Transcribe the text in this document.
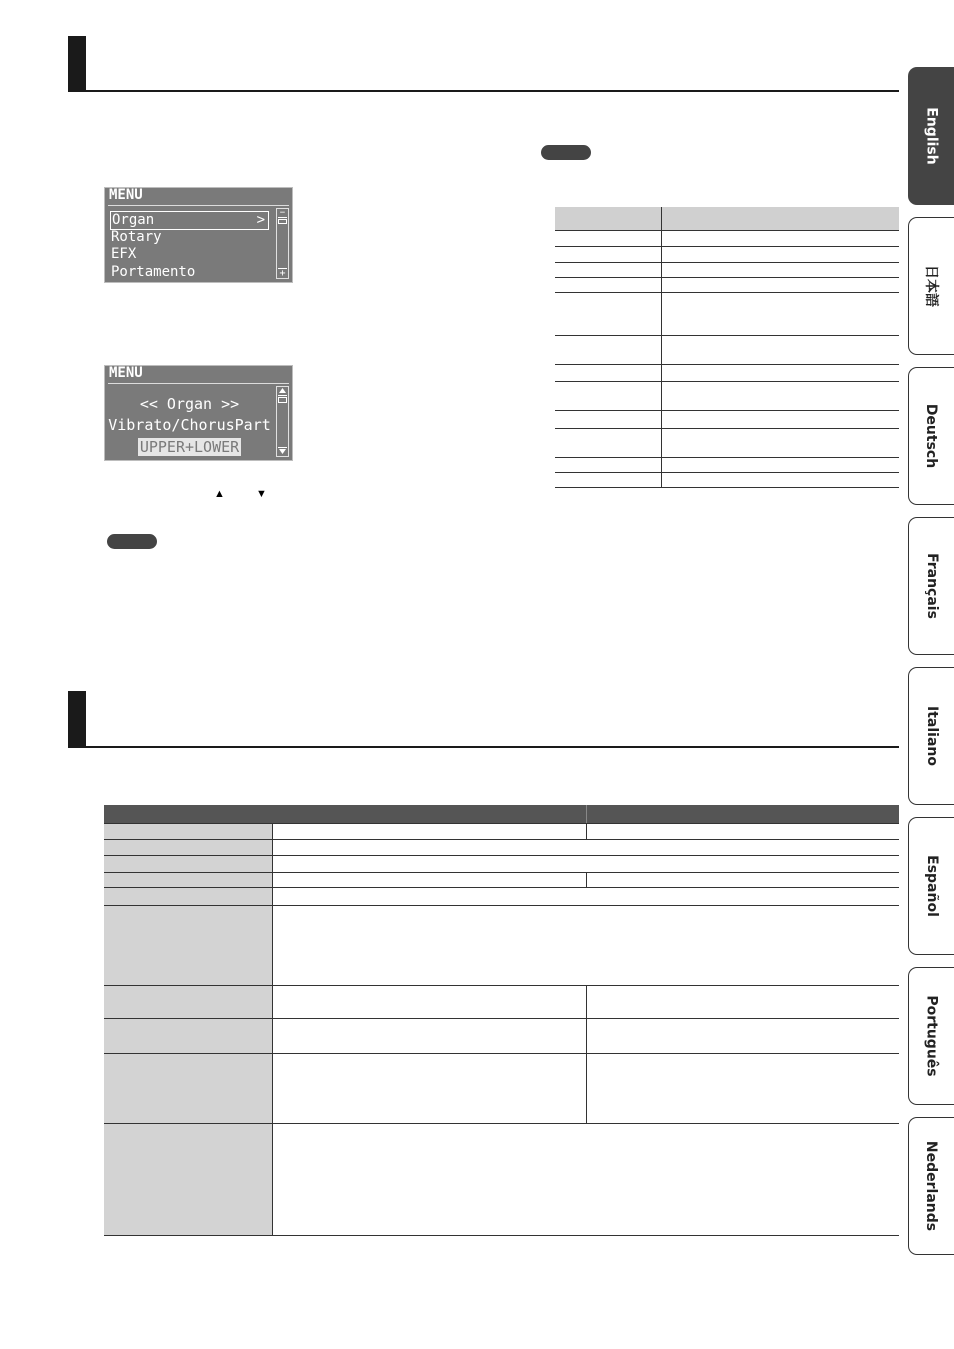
MENU
Organ	>
Rotary
EFX
Portamento
−
+
MENU
<< Organ >>
Vibrato/ChorusPart
UPPER+LOWER
▲ ▼

English
日本語
Deutsch
Français
Italiano
Español
Português
Nederlands
